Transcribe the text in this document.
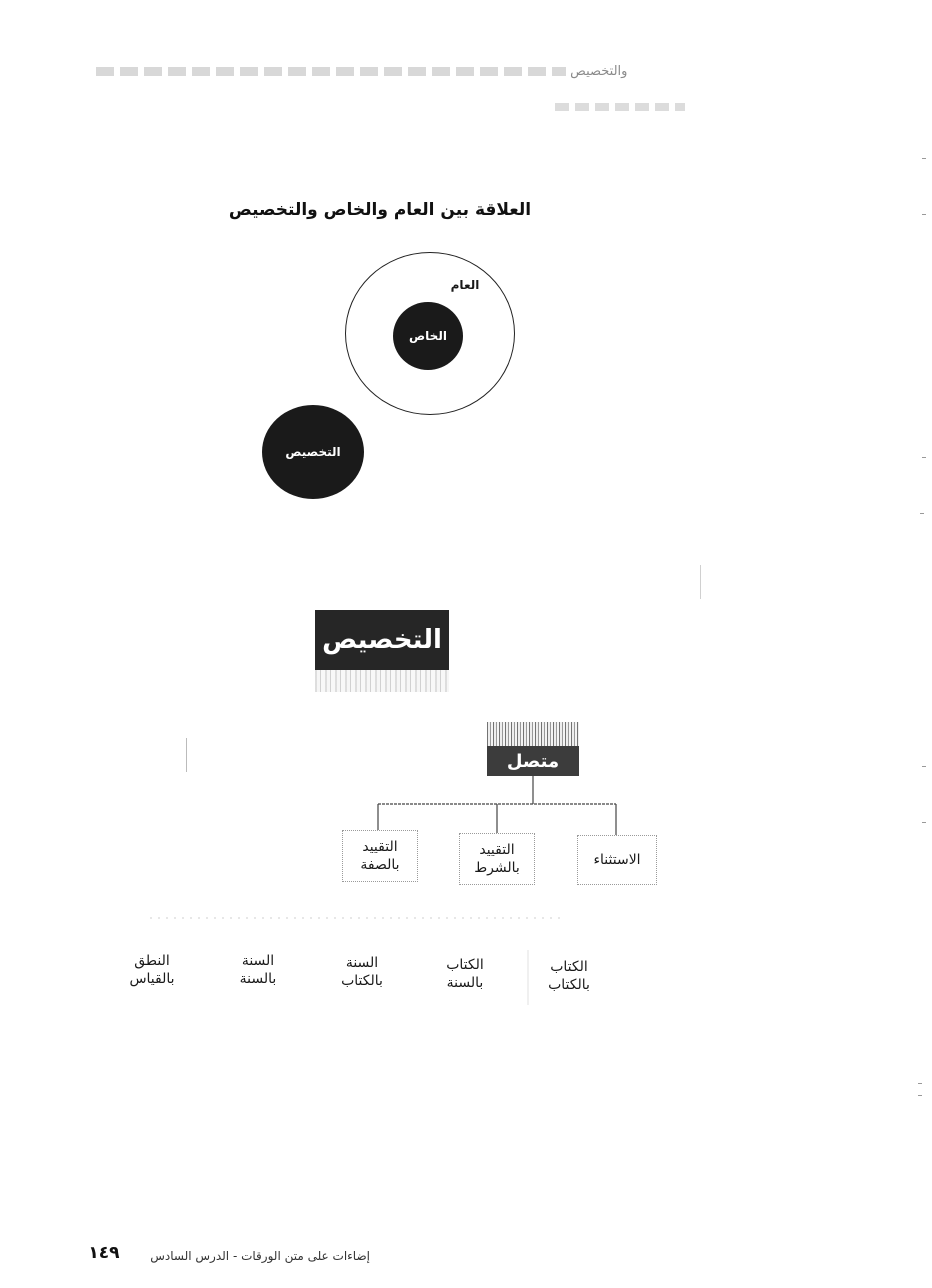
والتخصيص
العلاقة بين العام والخاص والتخصيص
العام
الخاص
التخصيص
التخصيص
متصل
التقييد
بالصفة
التقييد
بالشرط	الاستثناء
النطق
بالقياس
السنة
بالسنة
السنة
بالكتاب
الكتاب
بالسنة
الكتاب
بالكتاب
١٤٩	إضاءات على متن الورقات - الدرس السادس
